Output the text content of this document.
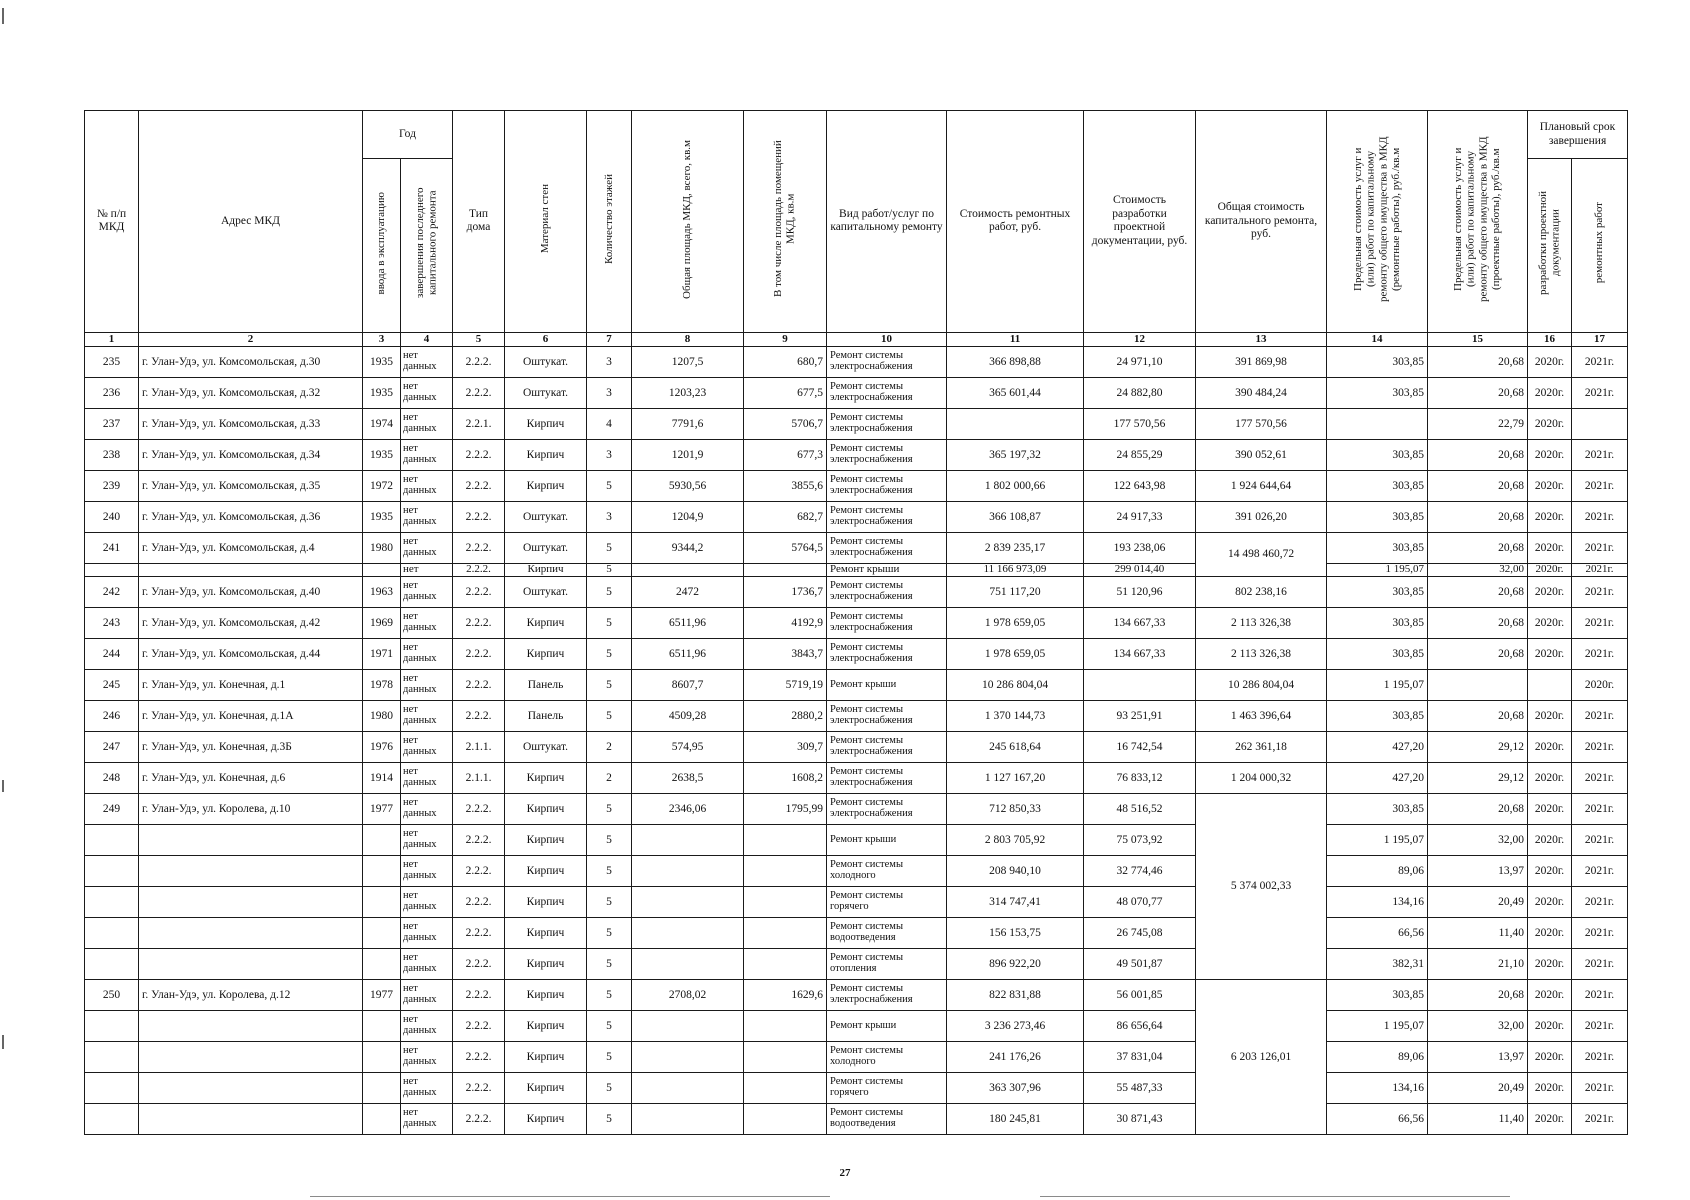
№ п/п МКД	Адрес МКД	Год		Тип дома	Материал стен	Количество этажей	Общая площадь МКД, всего, кв.м	В том числе площадь помещений МКД, кв.м	Вид работ/услуг по капитальному ремонту	Стоимость ремонтных работ, руб.	Стоимость разработки проектной документации, руб.	Общая стоимость капитального ремонта, руб.	Предельная стоимость услуг и (или) работ по капитальному ремонту общего имущества в МКД (ремонтные работы), руб./кв.м	Предельная стоимость услуг и (или) работ по капитальному ремонту общего имущества в МКД (проектные работы), руб./кв.м	Плановый срок завершения	
		ввода в эксплуатацию	завершения последнего капитального ремонта												разработки проектной документации	ремонтных работ
1	2	3	4	5	6	7	8	9	10	11	12	13	14	15	16	17
235	г. Улан-Удэ, ул. Комсомольская, д.30	1935	нет данных	2.2.2.	Оштукат.	3	1207,5	680,7	Ремонт системы электроснабжения	366 898,88	24 971,10	391 869,98	303,85	20,68	2020г.	2021г.
236	г. Улан-Удэ, ул. Комсомольская, д.32	1935	нет данных	2.2.2.	Оштукат.	3	1203,23	677,5	Ремонт системы электроснабжения	365 601,44	24 882,80	390 484,24	303,85	20,68	2020г.	2021г.
237	г. Улан-Удэ, ул. Комсомольская, д.33	1974	нет данных	2.2.1.	Кирпич	4	7791,6	5706,7	Ремонт системы электроснабжения		177 570,56	177 570,56		22,79	2020г.	
238	г. Улан-Удэ, ул. Комсомольская, д.34	1935	нет данных	2.2.2.	Кирпич	3	1201,9	677,3	Ремонт системы электроснабжения	365 197,32	24 855,29	390 052,61	303,85	20,68	2020г.	2021г.
239	г. Улан-Удэ, ул. Комсомольская, д.35	1972	нет данных	2.2.2.	Кирпич	5	5930,56	3855,6	Ремонт системы электроснабжения	1 802 000,66	122 643,98	1 924 644,64	303,85	20,68	2020г.	2021г.
240	г. Улан-Удэ, ул. Комсомольская, д.36	1935	нет данных	2.2.2.	Оштукат.	3	1204,9	682,7	Ремонт системы электроснабжения	366 108,87	24 917,33	391 026,20	303,85	20,68	2020г.	2021г.
241	г. Улан-Удэ, ул. Комсомольская, д.4	1980	нет данных	2.2.2.	Оштукат.	5	9344,2	5764,5	Ремонт системы электроснабжения	2 839 235,17	193 238,06	14 498 460,72	303,85	20,68	2020г.	2021г.
			нет	2.2.2.	Кирпич	5			Ремонт крыши	11 166 973,09	299 014,40		1 195,07	32,00	2020г.	2021г.
242	г. Улан-Удэ, ул. Комсомольская, д.40	1963	нет данных	2.2.2.	Оштукат.	5	2472	1736,7	Ремонт системы электроснабжения	751 117,20	51 120,96	802 238,16	303,85	20,68	2020г.	2021г.
243	г. Улан-Удэ, ул. Комсомольская, д.42	1969	нет данных	2.2.2.	Кирпич	5	6511,96	4192,9	Ремонт системы электроснабжения	1 978 659,05	134 667,33	2 113 326,38	303,85	20,68	2020г.	2021г.
244	г. Улан-Удэ, ул. Комсомольская, д.44	1971	нет данных	2.2.2.	Кирпич	5	6511,96	3843,7	Ремонт системы электроснабжения	1 978 659,05	134 667,33	2 113 326,38	303,85	20,68	2020г.	2021г.
245	г. Улан-Удэ, ул. Конечная, д.1	1978	нет данных	2.2.2.	Панель	5	8607,7	5719,19	Ремонт крыши	10 286 804,04		10 286 804,04	1 195,07			2020г.
246	г. Улан-Удэ, ул. Конечная, д.1А	1980	нет данных	2.2.2.	Панель	5	4509,28	2880,2	Ремонт системы электроснабжения	1 370 144,73	93 251,91	1 463 396,64	303,85	20,68	2020г.	2021г.
247	г. Улан-Удэ, ул. Конечная, д.3Б	1976	нет данных	2.1.1.	Оштукат.	2	574,95	309,7	Ремонт системы электроснабжения	245 618,64	16 742,54	262 361,18	427,20	29,12	2020г.	2021г.
248	г. Улан-Удэ, ул. Конечная, д.6	1914	нет данных	2.1.1.	Кирпич	2	2638,5	1608,2	Ремонт системы электроснабжения	1 127 167,20	76 833,12	1 204 000,32	427,20	29,12	2020г.	2021г.
249	г. Улан-Удэ, ул. Королева, д.10	1977	нет данных	2.2.2.	Кирпич	5	2346,06	1795,99	Ремонт системы электроснабжения	712 850,33	48 516,52	5 374 002,33	303,85	20,68	2020г.	2021г.
			нет данных	2.2.2.	Кирпич	5			Ремонт крыши	2 803 705,92	75 073,92		1 195,07	32,00	2020г.	2021г.
			нет данных	2.2.2.	Кирпич	5			Ремонт системы холодного	208 940,10	32 774,46		89,06	13,97	2020г.	2021г.
			нет данных	2.2.2.	Кирпич	5			Ремонт системы горячего	314 747,41	48 070,77		134,16	20,49	2020г.	2021г.
			нет данных	2.2.2.	Кирпич	5			Ремонт системы водоотведения	156 153,75	26 745,08		66,56	11,40	2020г.	2021г.
			нет данных	2.2.2.	Кирпич	5			Ремонт системы отопления	896 922,20	49 501,87		382,31	21,10	2020г.	2021г.
250	г. Улан-Удэ, ул. Королева, д.12	1977	нет данных	2.2.2.	Кирпич	5	2708,02	1629,6	Ремонт системы электроснабжения	822 831,88	56 001,85	6 203 126,01	303,85	20,68	2020г.	2021г.
			нет данных	2.2.2.	Кирпич	5			Ремонт крыши	3 236 273,46	86 656,64		1 195,07	32,00	2020г.	2021г.
			нет данных	2.2.2.	Кирпич	5			Ремонт системы холодного	241 176,26	37 831,04		89,06	13,97	2020г.	2021г.
			нет данных	2.2.2.	Кирпич	5			Ремонт системы горячего	363 307,96	55 487,33		134,16	20,49	2020г.	2021г.
			нет данных	2.2.2.	Кирпич	5			Ремонт системы водоотведения	180 245,81	30 871,43		66,56	11,40	2020г.	2021г.
27
